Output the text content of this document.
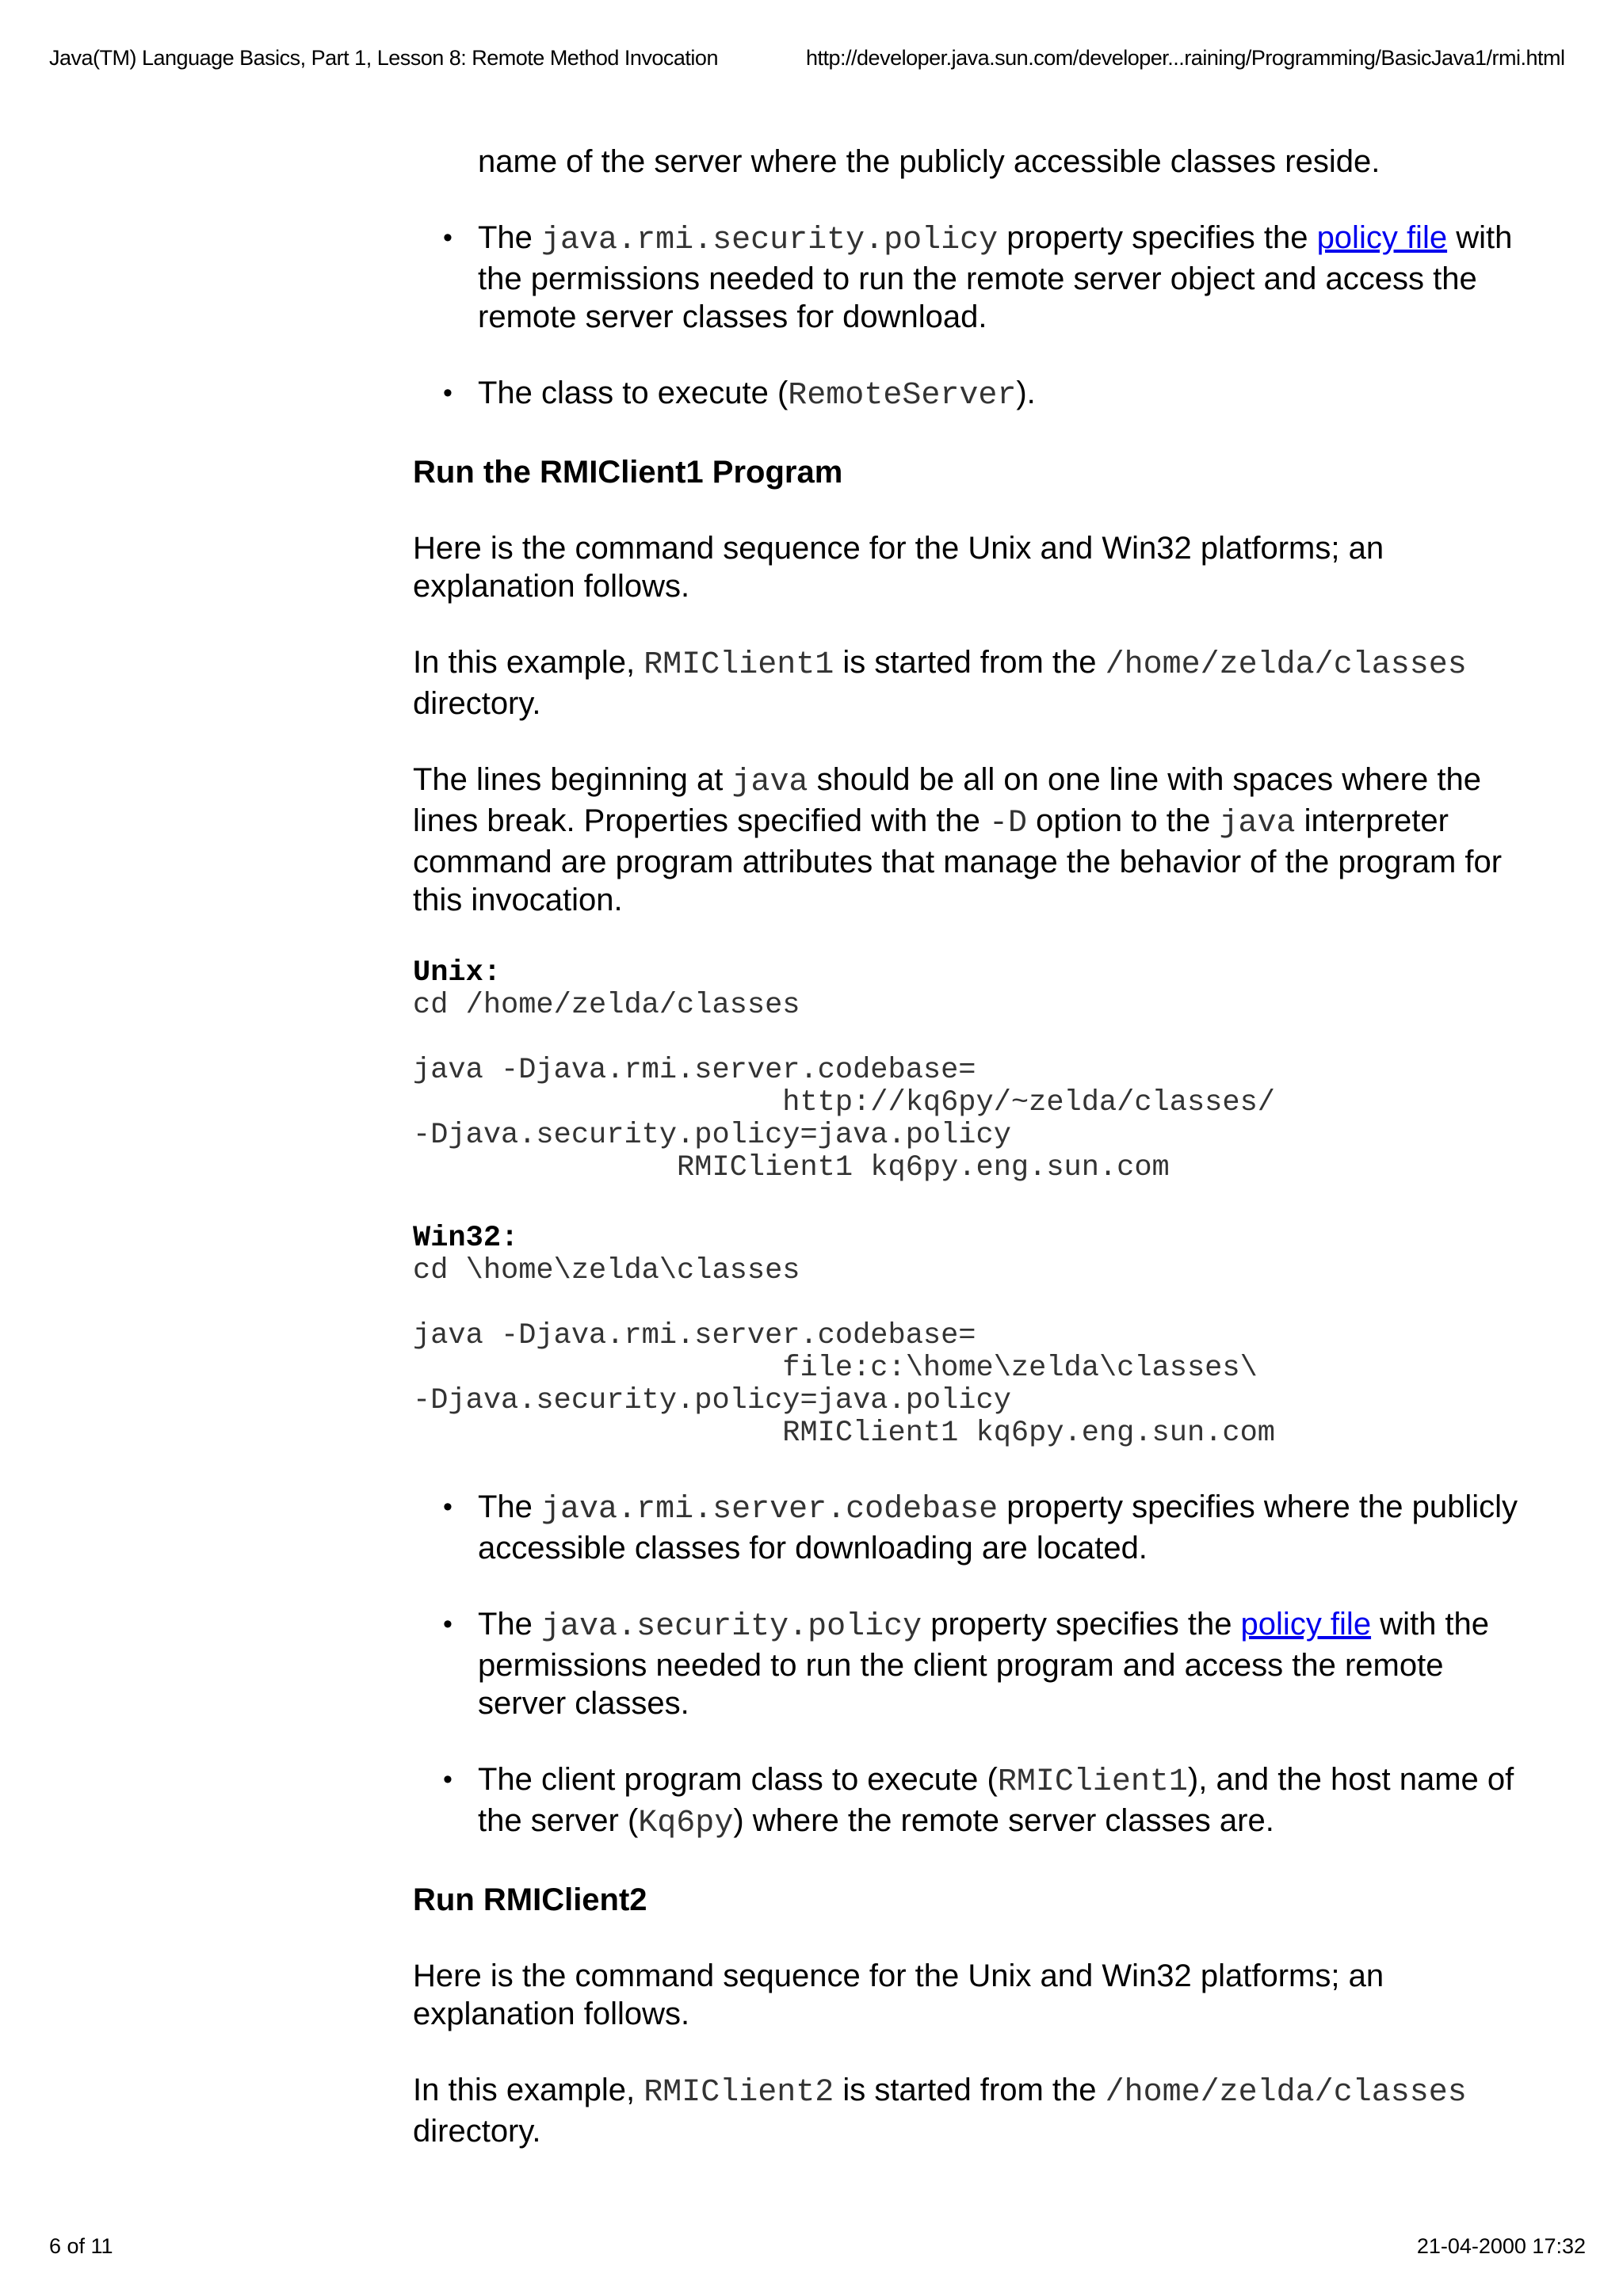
Java(TM) Language Basics, Part 1, Lesson 8: Remote Method Invocation	http://developer.java.sun.com/developer...raining/Programming/BasicJava1/rmi.html

name of the server where the publicly accessible classes reside.

• The java.rmi.security.policy property specifies the policy file with the permissions needed to run the remote server object and access the remote server classes for download.
• The class to execute (RemoteServer).
Run the RMIClient1 Program

Here is the command sequence for the Unix and Win32 platforms; an explanation follows.

In this example, RMIClient1 is started from the /home/zelda/classes directory.

The lines beginning at java should be all on one line with spaces where the lines break. Properties specified with the -D option to the java interpreter command are program attributes that manage the behavior of the program for this invocation.

Unix:
cd /home/zelda/classes

java -Djava.rmi.server.codebase=
http://kq6py/~zelda/classes/
-Djava.security.policy=java.policy
RMIClient1 kq6py.eng.sun.com
Win32:
cd \home\zelda\classes

java -Djava.rmi.server.codebase=
file:c:\home\zelda\classes\
-Djava.security.policy=java.policy
RMIClient1 kq6py.eng.sun.com
• The java.rmi.server.codebase property specifies where the publicly accessible classes for downloading are located.
• The java.security.policy property specifies the policy file with the permissions needed to run the client program and access the remote server classes.
• The client program class to execute (RMIClient1), and the host name of the server (Kq6py) where the remote server classes are.
Run RMIClient2

Here is the command sequence for the Unix and Win32 platforms; an explanation follows.

In this example, RMIClient2 is started from the /home/zelda/classes directory.

6 of 11	21-04-2000 17:32
